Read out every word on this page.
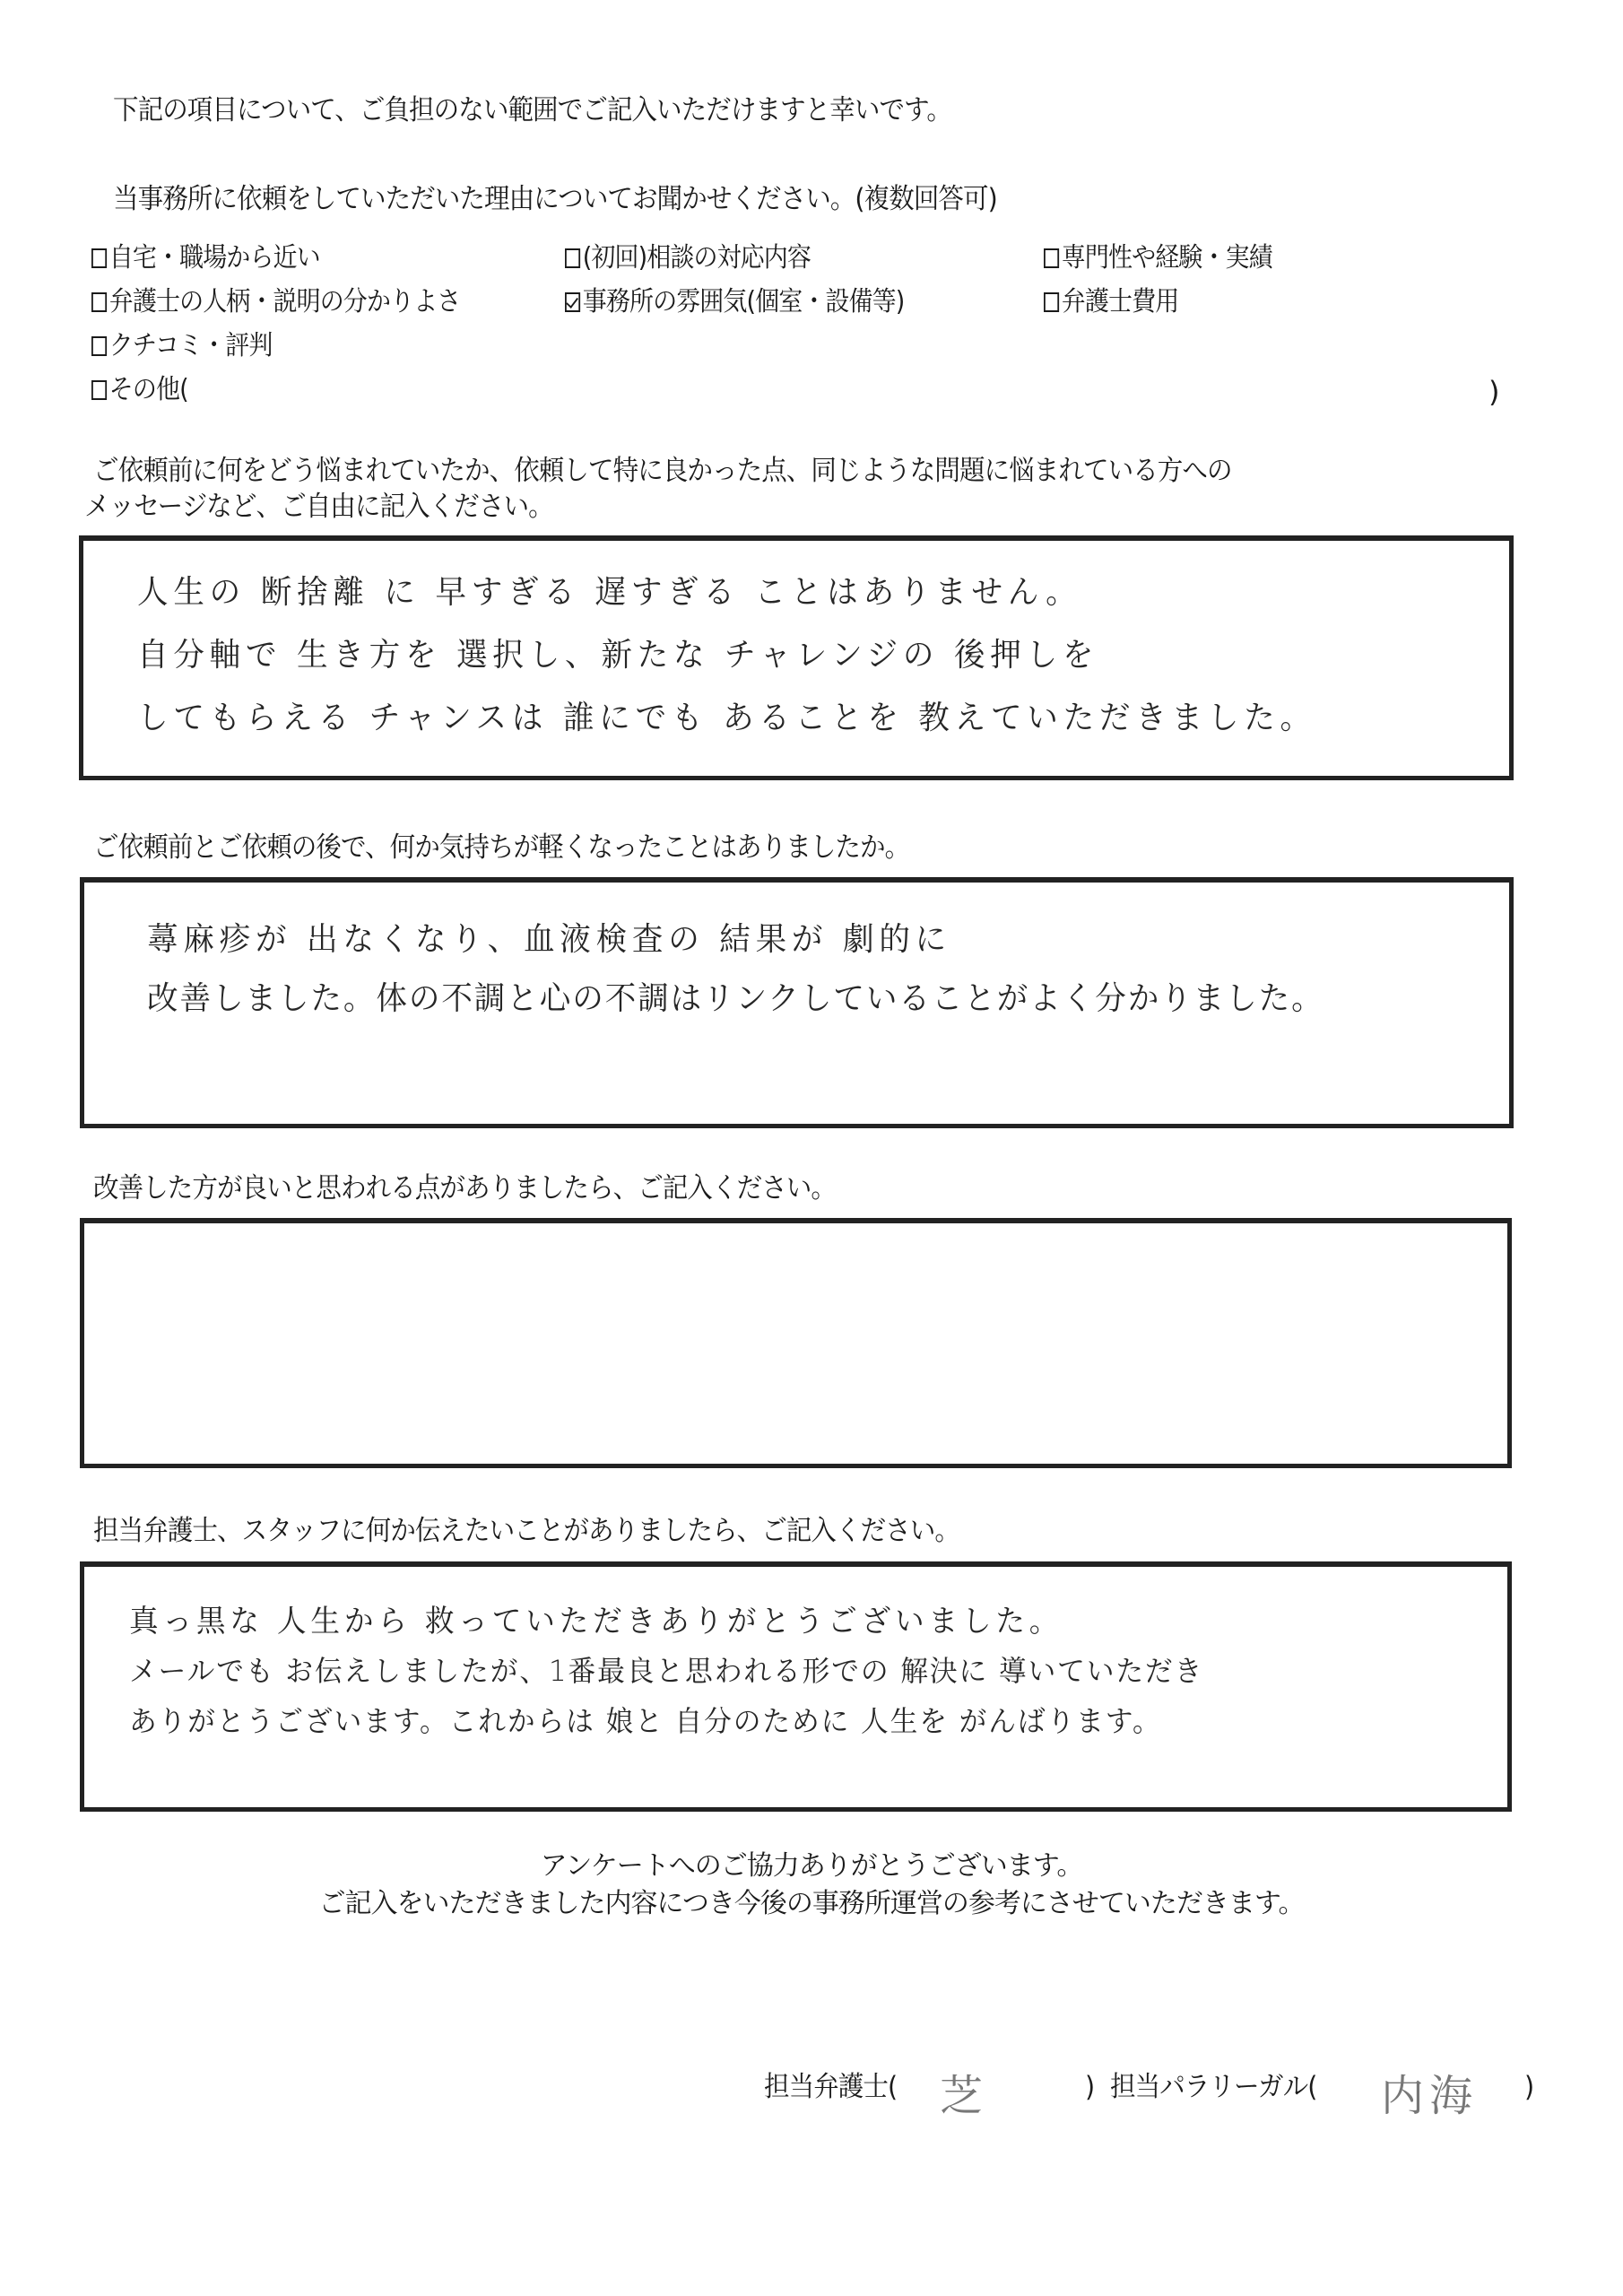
下記の項目について、ご負担のない範囲でご記入いただけますと幸いです。
当事務所に依頼をしていただいた理由についてお聞かせください。(複数回答可)
自宅・職場から近い	(初回)相談の対応内容	専門性や経験・実績
弁護士の人柄・説明の分かりよさ	事務所の雰囲気(個室・設備等)	弁護士費用
クチコミ・評判
その他(	)
ご依頼前に何をどう悩まれていたか、依頼して特に良かった点、同じような問題に悩まれている方への
メッセージなど、ご自由に記入ください。
人生の 断捨離 に 早すぎる 遅すぎる ことはありません。
自分軸で 生き方を 選択し、新たな チャレンジの 後押しを
してもらえる チャンスは 誰にでも あることを 教えていただきました。
ご依頼前とご依頼の後で、何か気持ちが軽くなったことはありましたか。
蕁麻疹が 出なくなり、血液検査の 結果が 劇的に
改善しました。体の不調と心の不調はリンクしていることがよく分かりました。
改善した方が良いと思われる点がありましたら、ご記入ください。
担当弁護士、スタッフに何か伝えたいことがありましたら、ご記入ください。
真っ黒な 人生から 救っていただきありがとうございました。
メールでも お伝えしましたが、1番最良と思われる形での 解決に 導いていただき
ありがとうございます。これからは 娘と 自分のために 人生を がんばります。
アンケートへのご協力ありがとうございます。
ご記入をいただきました内容につき今後の事務所運営の参考にさせていただきます。
担当弁護士( 芝	) 担当パラリーガル( 内海 )
